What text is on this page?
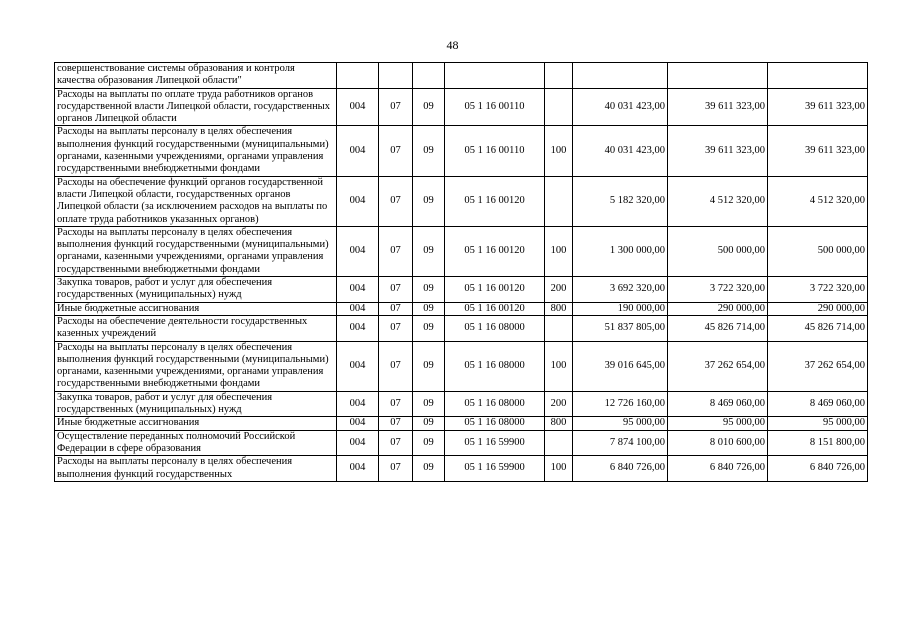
48
совершенствование системы образования и контроля качества образования Липецкой области"								
Расходы на выплаты по оплате труда работников органов государственной власти Липецкой области, государственных органов Липецкой области	004	07	09	05 1 16 00110		40 031 423,00	39 611 323,00	39 611 323,00
Расходы на выплаты персоналу в целях обеспечения выполнения функций государственными (муниципальными) органами, казенными учреждениями, органами управления государственными внебюджетными фондами	004	07	09	05 1 16 00110	100	40 031 423,00	39 611 323,00	39 611 323,00
Расходы на обеспечение функций органов государственной власти Липецкой области, государственных органов Липецкой области (за исключением расходов на выплаты по оплате труда работников указанных органов)	004	07	09	05 1 16 00120		5 182 320,00	4 512 320,00	4 512 320,00
Расходы на выплаты персоналу в целях обеспечения выполнения функций государственными (муниципальными) органами, казенными учреждениями, органами управления государственными внебюджетными фондами	004	07	09	05 1 16 00120	100	1 300 000,00	500 000,00	500 000,00
Закупка товаров, работ и услуг для обеспечения государственных (муниципальных) нужд	004	07	09	05 1 16 00120	200	3 692 320,00	3 722 320,00	3 722 320,00
Иные бюджетные ассигнования	004	07	09	05 1 16 00120	800	190 000,00	290 000,00	290 000,00
Расходы на обеспечение деятельности государственных казенных учреждений	004	07	09	05 1 16 08000		51 837 805,00	45 826 714,00	45 826 714,00
Расходы на выплаты персоналу в целях обеспечения выполнения функций государственными (муниципальными) органами, казенными учреждениями, органами управления государственными внебюджетными фондами	004	07	09	05 1 16 08000	100	39 016 645,00	37 262 654,00	37 262 654,00
Закупка товаров, работ и услуг для обеспечения государственных (муниципальных) нужд	004	07	09	05 1 16 08000	200	12 726 160,00	8 469 060,00	8 469 060,00
Иные бюджетные ассигнования	004	07	09	05 1 16 08000	800	95 000,00	95 000,00	95 000,00
Осуществление переданных полномочий Российской Федерации в сфере образования	004	07	09	05 1 16 59900		7 874 100,00	8 010 600,00	8 151 800,00
Расходы на выплаты персоналу в целях обеспечения выполнения функций государственных	004	07	09	05 1 16 59900	100	6 840 726,00	6 840 726,00	6 840 726,00
